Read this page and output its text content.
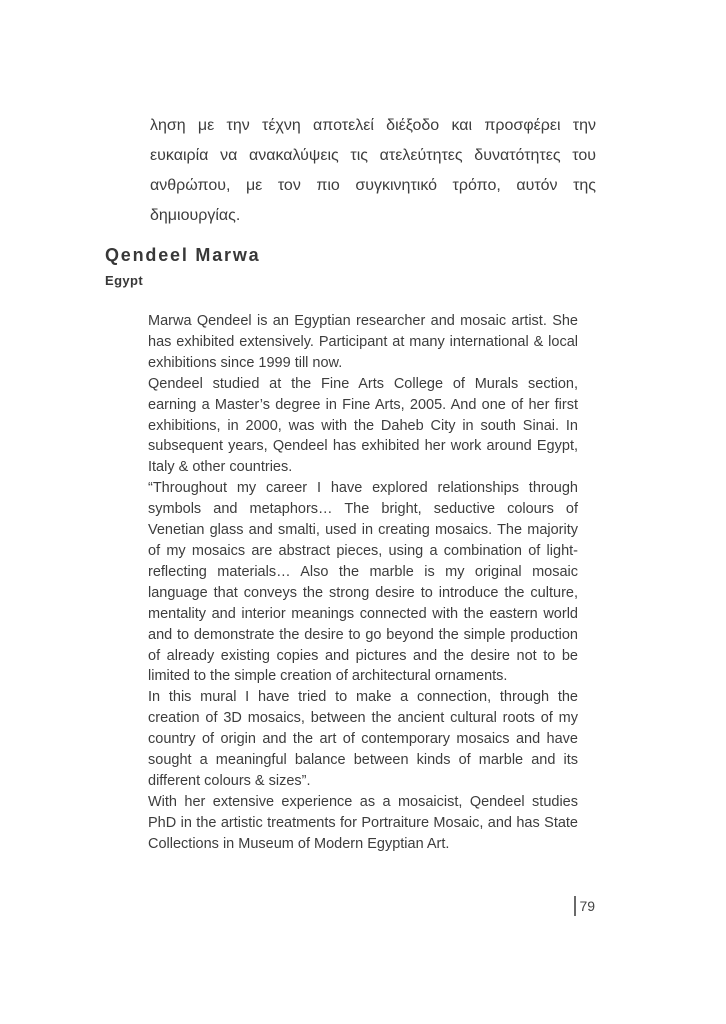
ληση με την τέχνη αποτελεί διέξοδο και προσφέρει την ευκαιρία να ανακαλύψεις τις ατελεύτητες δυνατότητες του ανθρώπου, με τον πιο συγκινητικό τρόπο, αυτόν της δημιουργίας.

Qendeel Marwa
Egypt

Marwa Qendeel is an Egyptian researcher and mosaic artist. She has exhibited extensively. Participant at many international & local exhibitions since 1999 till now.

Qendeel studied at the Fine Arts College of Murals section, earning a Master’s degree in Fine Arts, 2005. And one of her first exhibitions, in 2000, was with the Daheb City in south Sinai. In subsequent years, Qendeel has exhibited her work around Egypt, Italy & other countries.

“Throughout my career I have explored relationships through symbols and metaphors… The bright, seductive colours of Venetian glass and smalti, used in creating mosaics. The majority of my mosaics are abstract pieces, using a combination of light-reflecting materials… Also the marble is my original mosaic language that conveys the strong desire to introduce the culture, mentality and interior meanings connected with the eastern world and to demonstrate the desire to go beyond the simple production of already existing copies and pictures and the desire not to be limited to the simple creation of architectural ornaments.

In this mural I have tried to make a connection, through the creation of 3D mosaics, between the ancient cultural roots of my country of origin and the art of contemporary mosaics and have sought a meaningful balance between kinds of marble and its different colours & sizes”.

With her extensive experience as a mosaicist, Qendeel studies PhD in the artistic treatments for Portraiture Mosaic, and has State Collections in Museum of Modern Egyptian Art.

79
